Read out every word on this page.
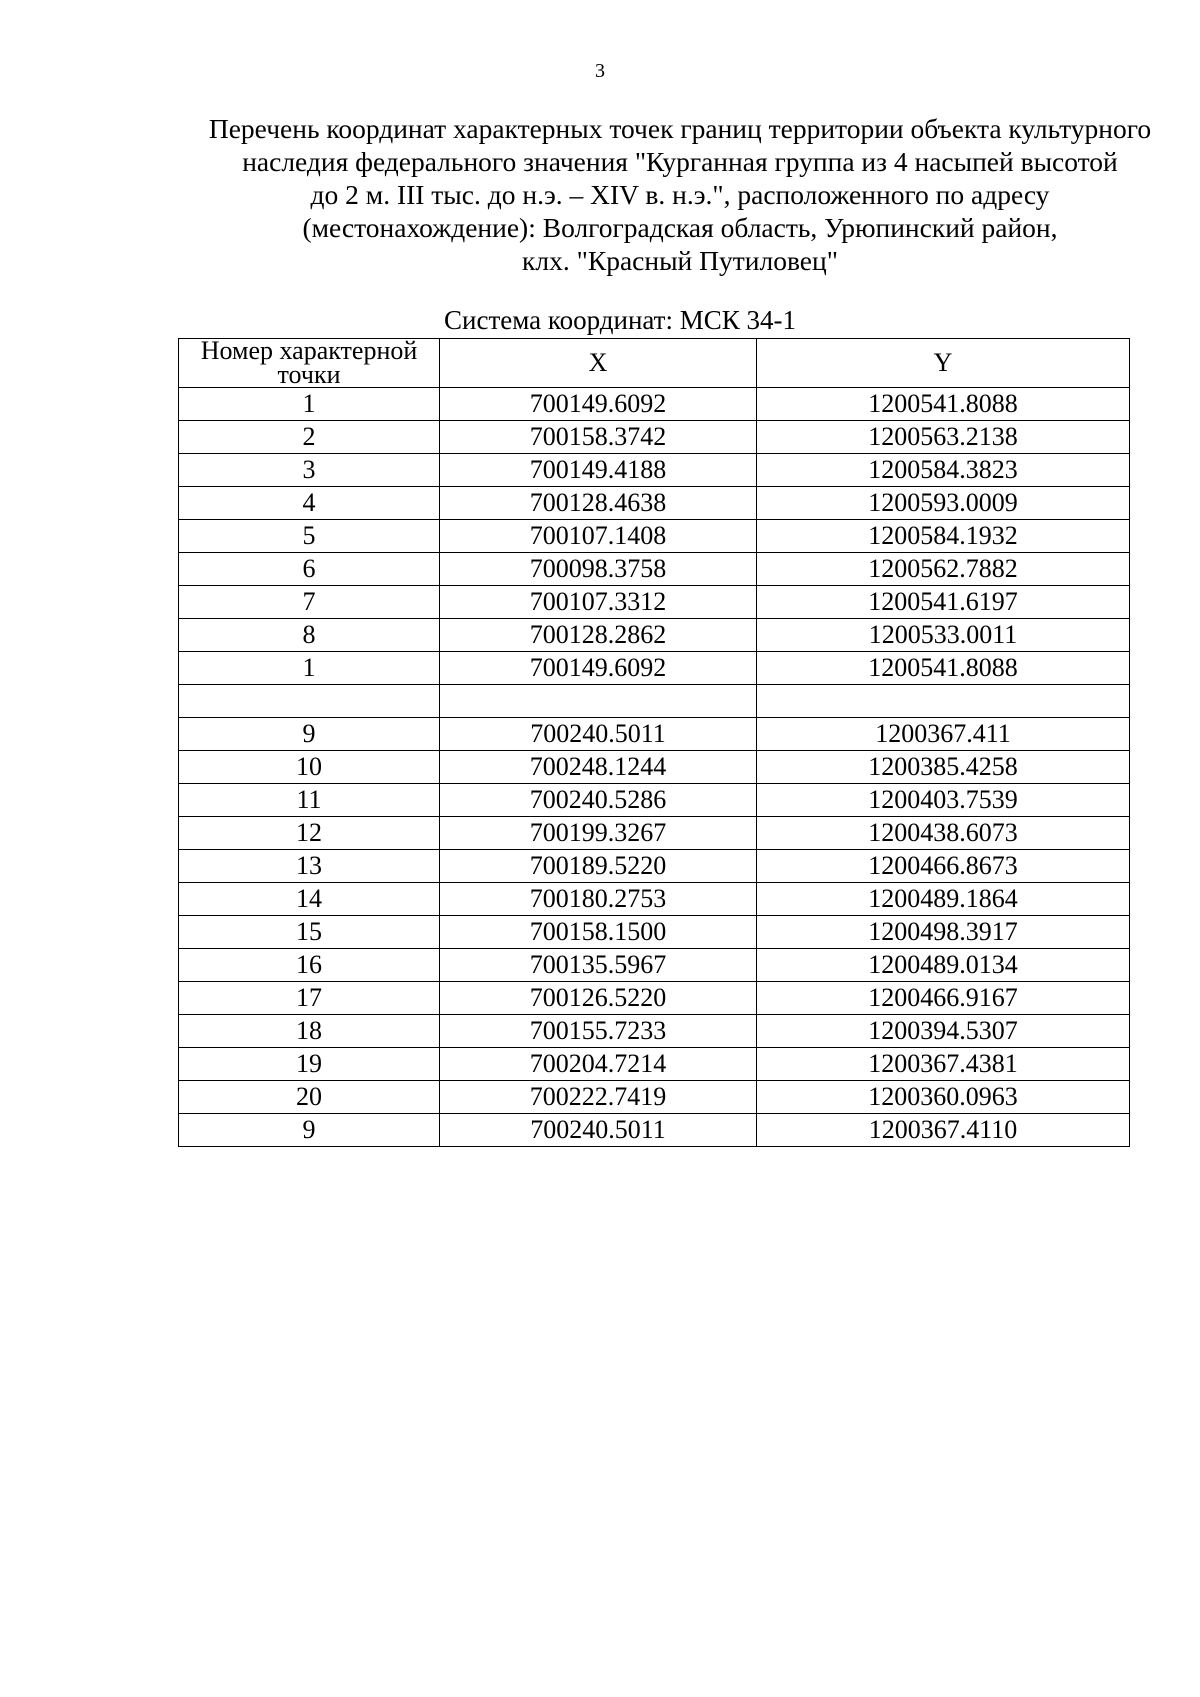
3
Перечень координат характерных точек границ территории объекта культурного
наследия федерального значения "Курганная группа из 4 насыпей высотой
до 2 м. III тыс. до н.э. – XIV в. н.э.", расположенного по адресу
(местонахождение): Волгоградская область, Урюпинский район,
клх. "Красный Путиловец"
Система координат: МСК 34-1
Номер характерной точки	X	Y
1	700149.6092	1200541.8088
2	700158.3742	1200563.2138
3	700149.4188	1200584.3823
4	700128.4638	1200593.0009
5	700107.1408	1200584.1932
6	700098.3758	1200562.7882
7	700107.3312	1200541.6197
8	700128.2862	1200533.0011
1	700149.6092	1200541.8088

9	700240.5011	1200367.411
10	700248.1244	1200385.4258
11	700240.5286	1200403.7539
12	700199.3267	1200438.6073
13	700189.5220	1200466.8673
14	700180.2753	1200489.1864
15	700158.1500	1200498.3917
16	700135.5967	1200489.0134
17	700126.5220	1200466.9167
18	700155.7233	1200394.5307
19	700204.7214	1200367.4381
20	700222.7419	1200360.0963
9	700240.5011	1200367.4110
